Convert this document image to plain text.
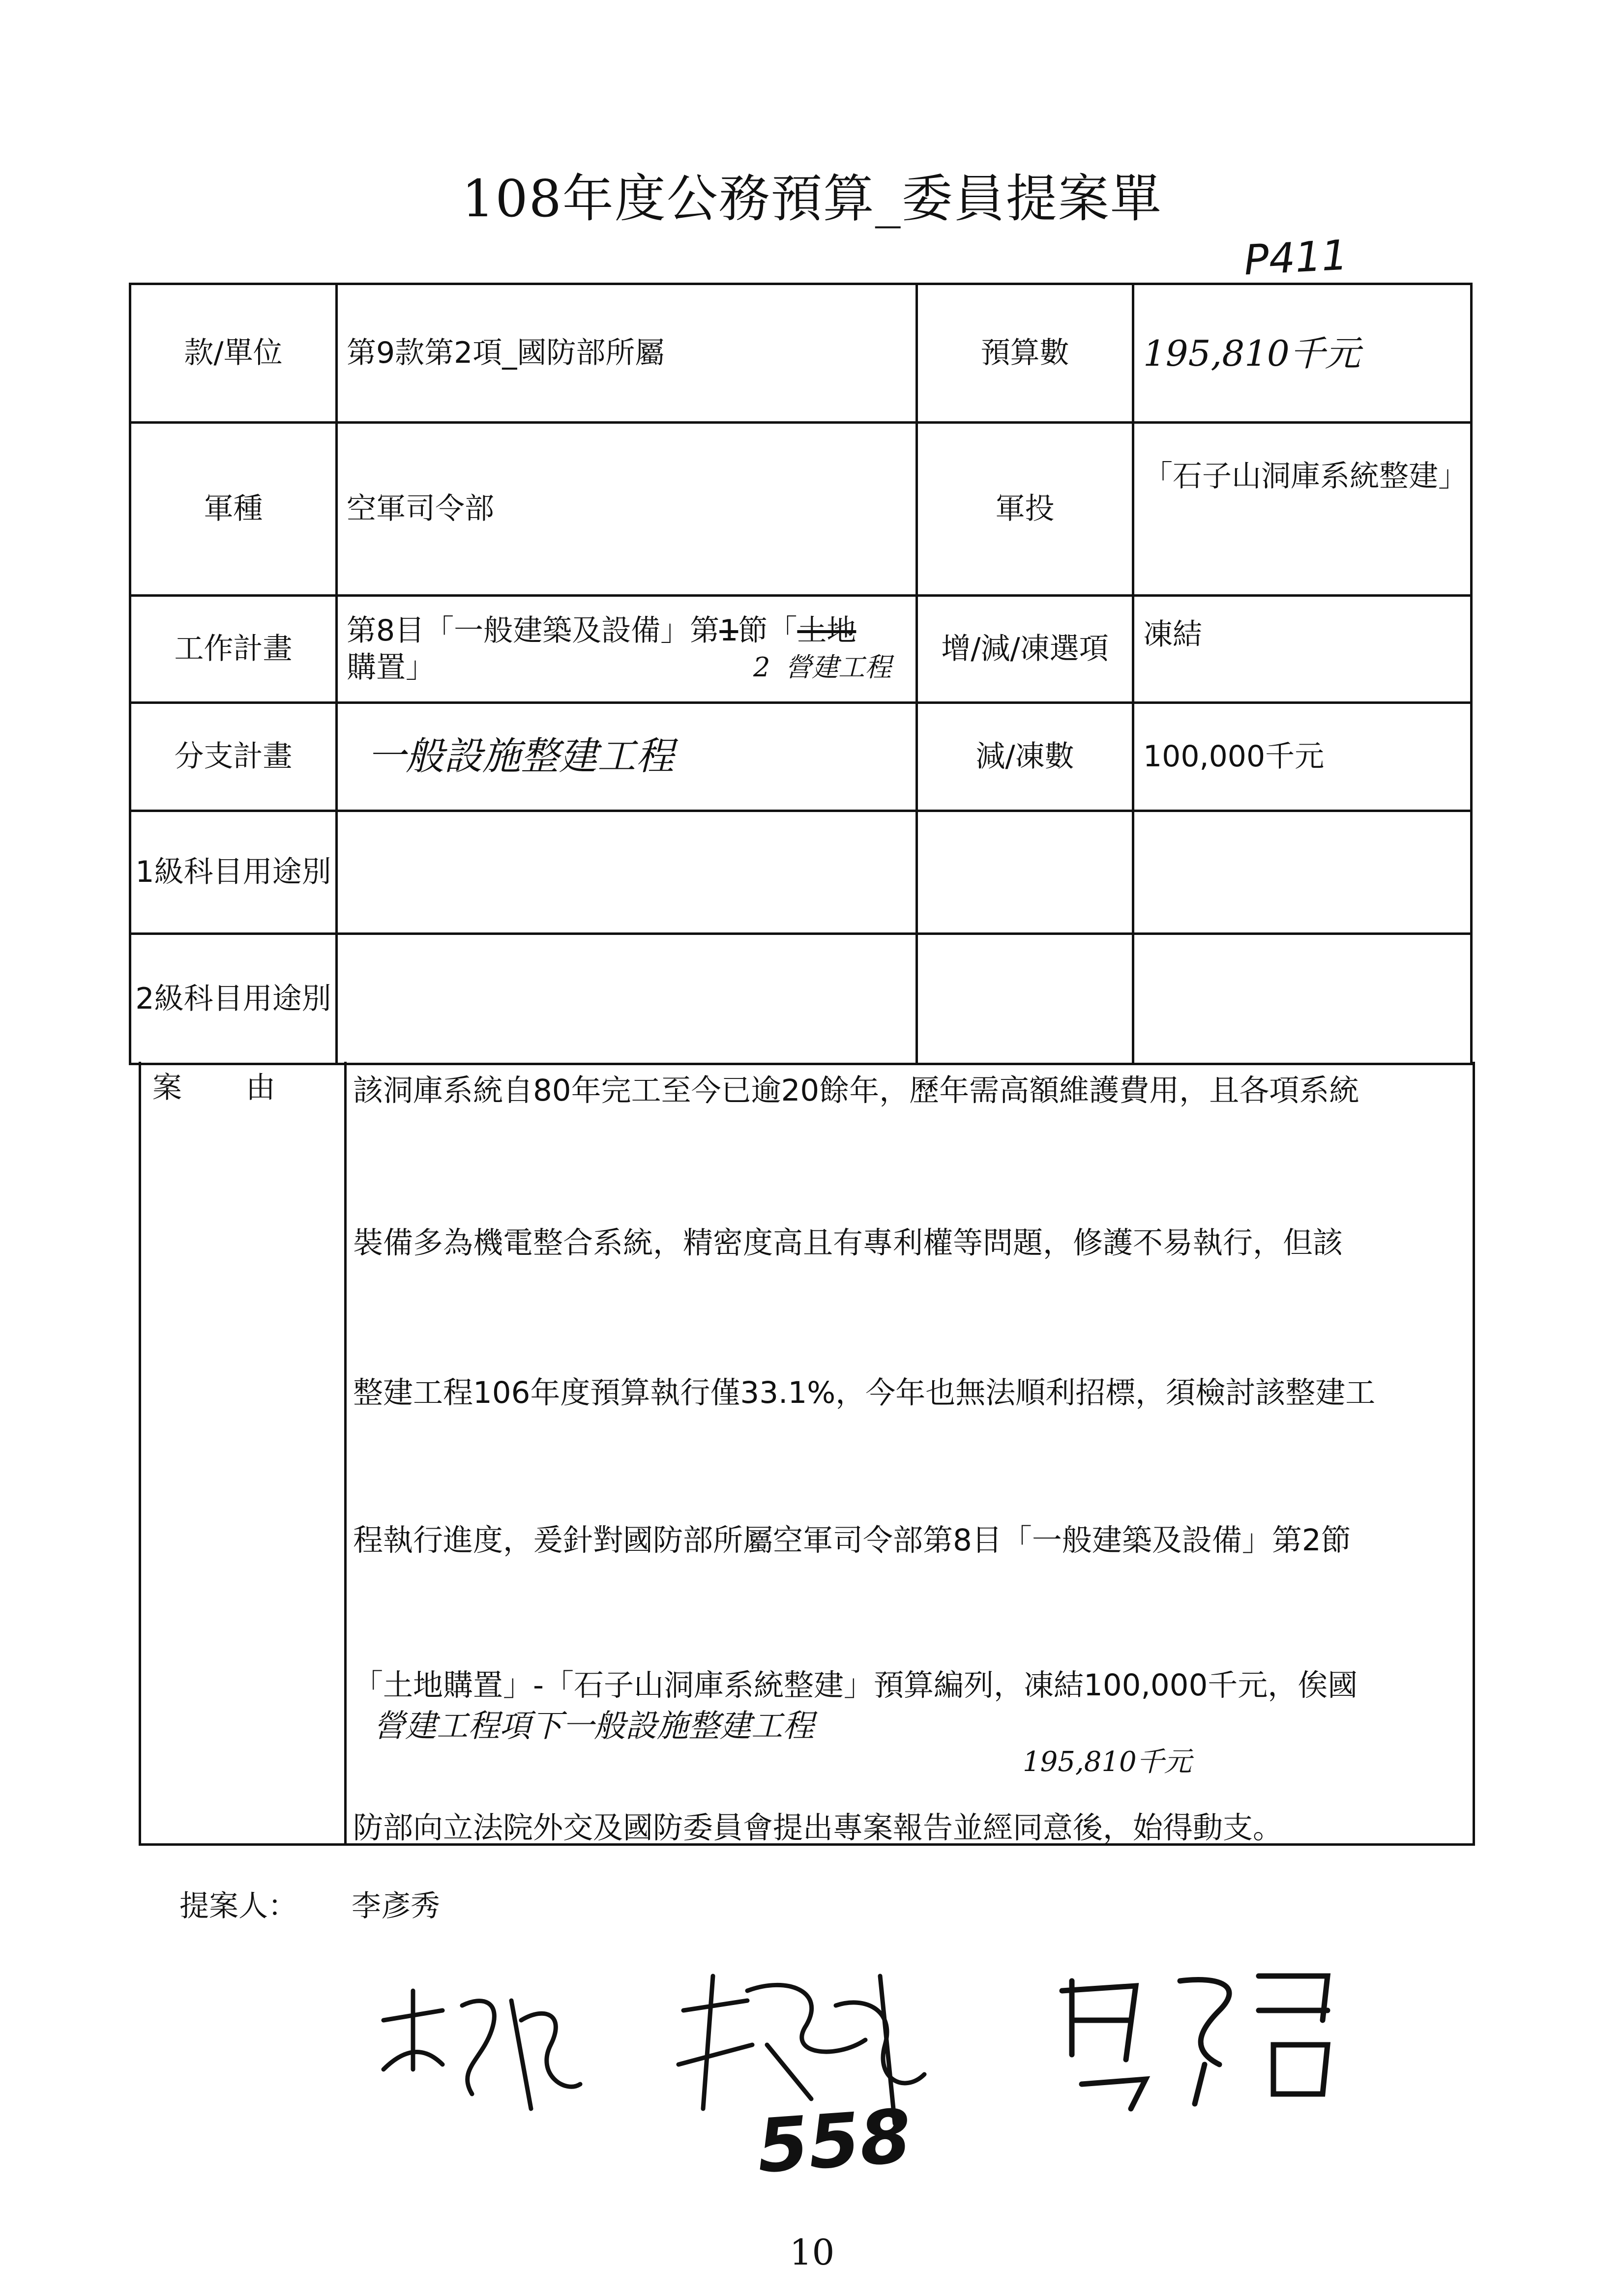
108年度公務預算_委員提案單
P411
款/單位	第9款第2項_國防部所屬	預算數	195,810千元
軍種	空軍司令部	軍投	「石子山洞庫系統整建」
工作計畫	第8目「一般建築及設備」第1節「土地
購置」 2 營建工程	增/減/凍選項	凍結
分支計畫	一般設施整建工程	減/凍數	100,000千元
1級科目用途別			
2級科目用途別			
案由 該洞庫系統自80年完工至今已逾20餘年，歷年需高額維護費用，且各項系統
裝備多為機電整合系統，精密度高且有專利權等問題，修護不易執行，但該
整建工程106年度預算執行僅33.1%，今年也無法順利招標，須檢討該整建工
程執行進度，爰針對國防部所屬空軍司令部第8目「一般建築及設備」第2節
「土地購置」-「石子山洞庫系統整建」預算編列，凍結100,000千元，俟國
營建工程項下一般設施整建工程
195,810千元
防部向立法院外交及國防委員會提出專案報告並經同意後，始得動支。
提案人： 李彥秀
558
10
